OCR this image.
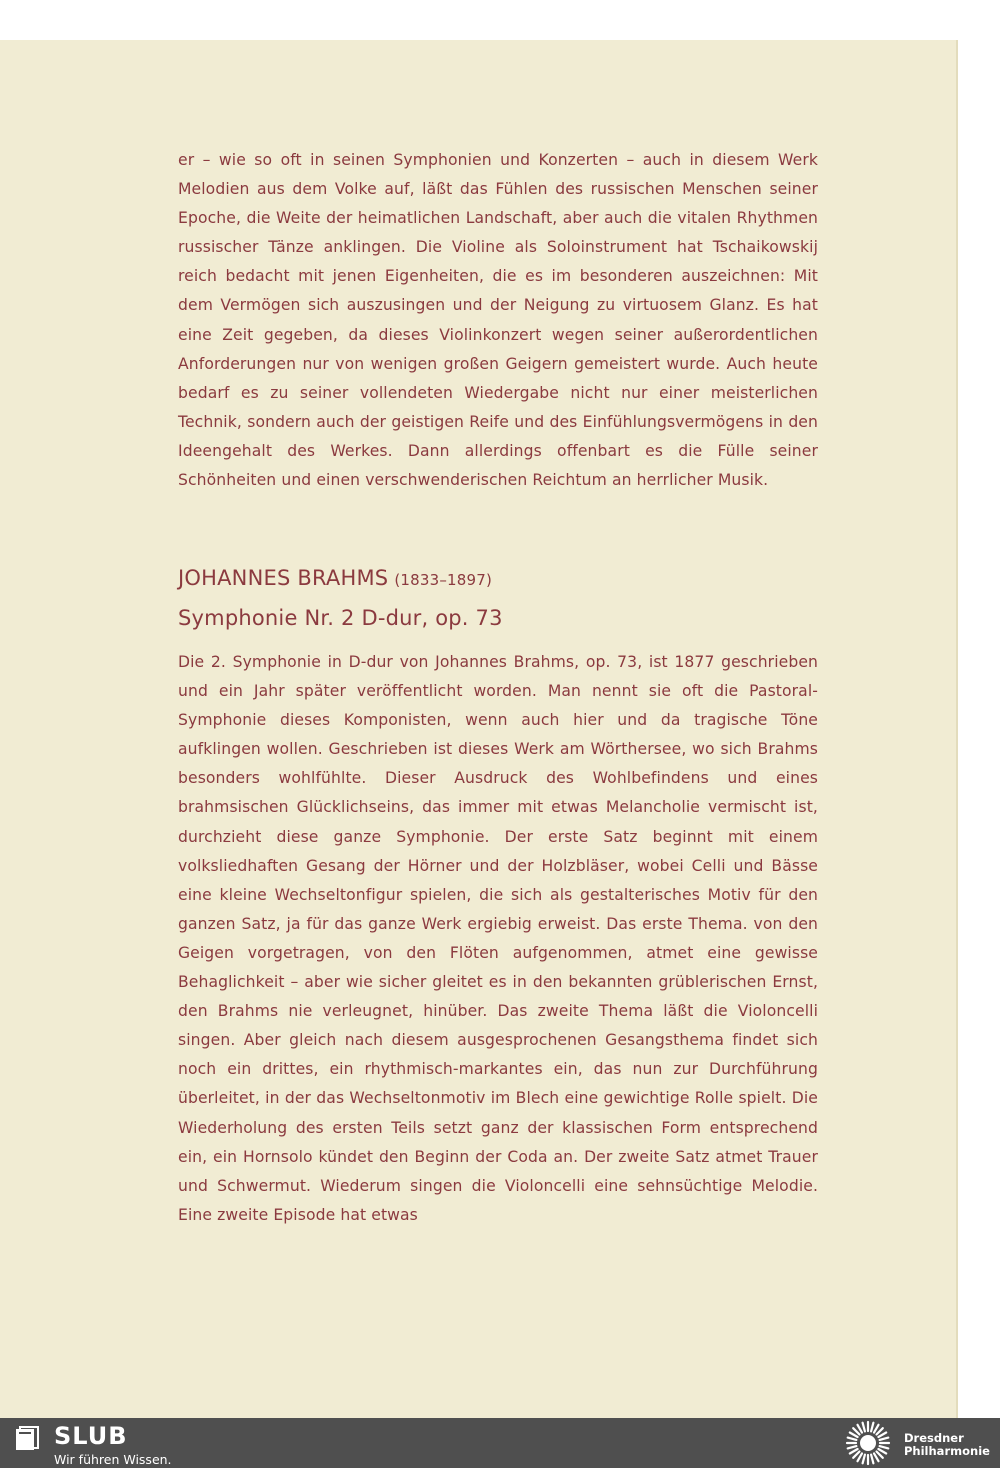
er – wie so oft in seinen Symphonien und Konzerten – auch in diesem Werk Melodien aus dem Volke auf, läßt das Fühlen des russischen Menschen seiner Epoche, die Weite der heimatlichen Landschaft, aber auch die vitalen Rhythmen russischer Tänze anklingen. Die Violine als Soloinstrument hat Tschaikowskij reich bedacht mit jenen Eigenheiten, die es im besonderen auszeichnen: Mit dem Vermögen sich auszusingen und der Neigung zu virtuosem Glanz. Es hat eine Zeit gegeben, da dieses Violinkonzert wegen seiner außerordentlichen Anforderungen nur von wenigen großen Geigern gemeistert wurde. Auch heute bedarf es zu seiner vollendeten Wiedergabe nicht nur einer meisterlichen Technik, sondern auch der geistigen Reife und des Einfühlungsvermögens in den Ideengehalt des Werkes. Dann allerdings offenbart es die Fülle seiner Schönheiten und einen verschwenderischen Reichtum an herrlicher Musik.

JOHANNES BRAHMS (1833–1897)
Symphonie Nr. 2 D-dur, op. 73

Die 2. Symphonie in D-dur von Johannes Brahms, op. 73, ist 1877 geschrieben und ein Jahr später veröffentlicht worden. Man nennt sie oft die Pastoral-Symphonie dieses Komponisten, wenn auch hier und da tragische Töne aufklingen wollen. Geschrieben ist dieses Werk am Wörthersee, wo sich Brahms besonders wohlfühlte. Dieser Ausdruck des Wohlbefindens und eines brahmsischen Glücklichseins, das immer mit etwas Melancholie vermischt ist, durchzieht diese ganze Symphonie. Der erste Satz beginnt mit einem volksliedhaften Gesang der Hörner und der Holzbläser, wobei Celli und Bässe eine kleine Wechseltonfigur spielen, die sich als gestalterisches Motiv für den ganzen Satz, ja für das ganze Werk ergiebig erweist. Das erste Thema. von den Geigen vorgetragen, von den Flöten aufgenommen, atmet eine gewisse Behaglichkeit – aber wie sicher gleitet es in den bekannten grüblerischen Ernst, den Brahms nie verleugnet, hinüber. Das zweite Thema läßt die Violoncelli singen. Aber gleich nach diesem ausgesprochenen Gesangsthema findet sich noch ein drittes, ein rhythmisch-markantes ein, das nun zur Durchführung überleitet, in der das Wechseltonmotiv im Blech eine gewichtige Rolle spielt. Die Wiederholung des ersten Teils setzt ganz der klassischen Form entsprechend ein, ein Hornsolo kündet den Beginn der Coda an. Der zweite Satz atmet Trauer und Schwermut. Wiederum singen die Violoncelli eine sehnsüchtige Melodie. Eine zweite Episode hat etwas

SLUB
Wir führen Wissen.
Dresdner
Philharmonie
